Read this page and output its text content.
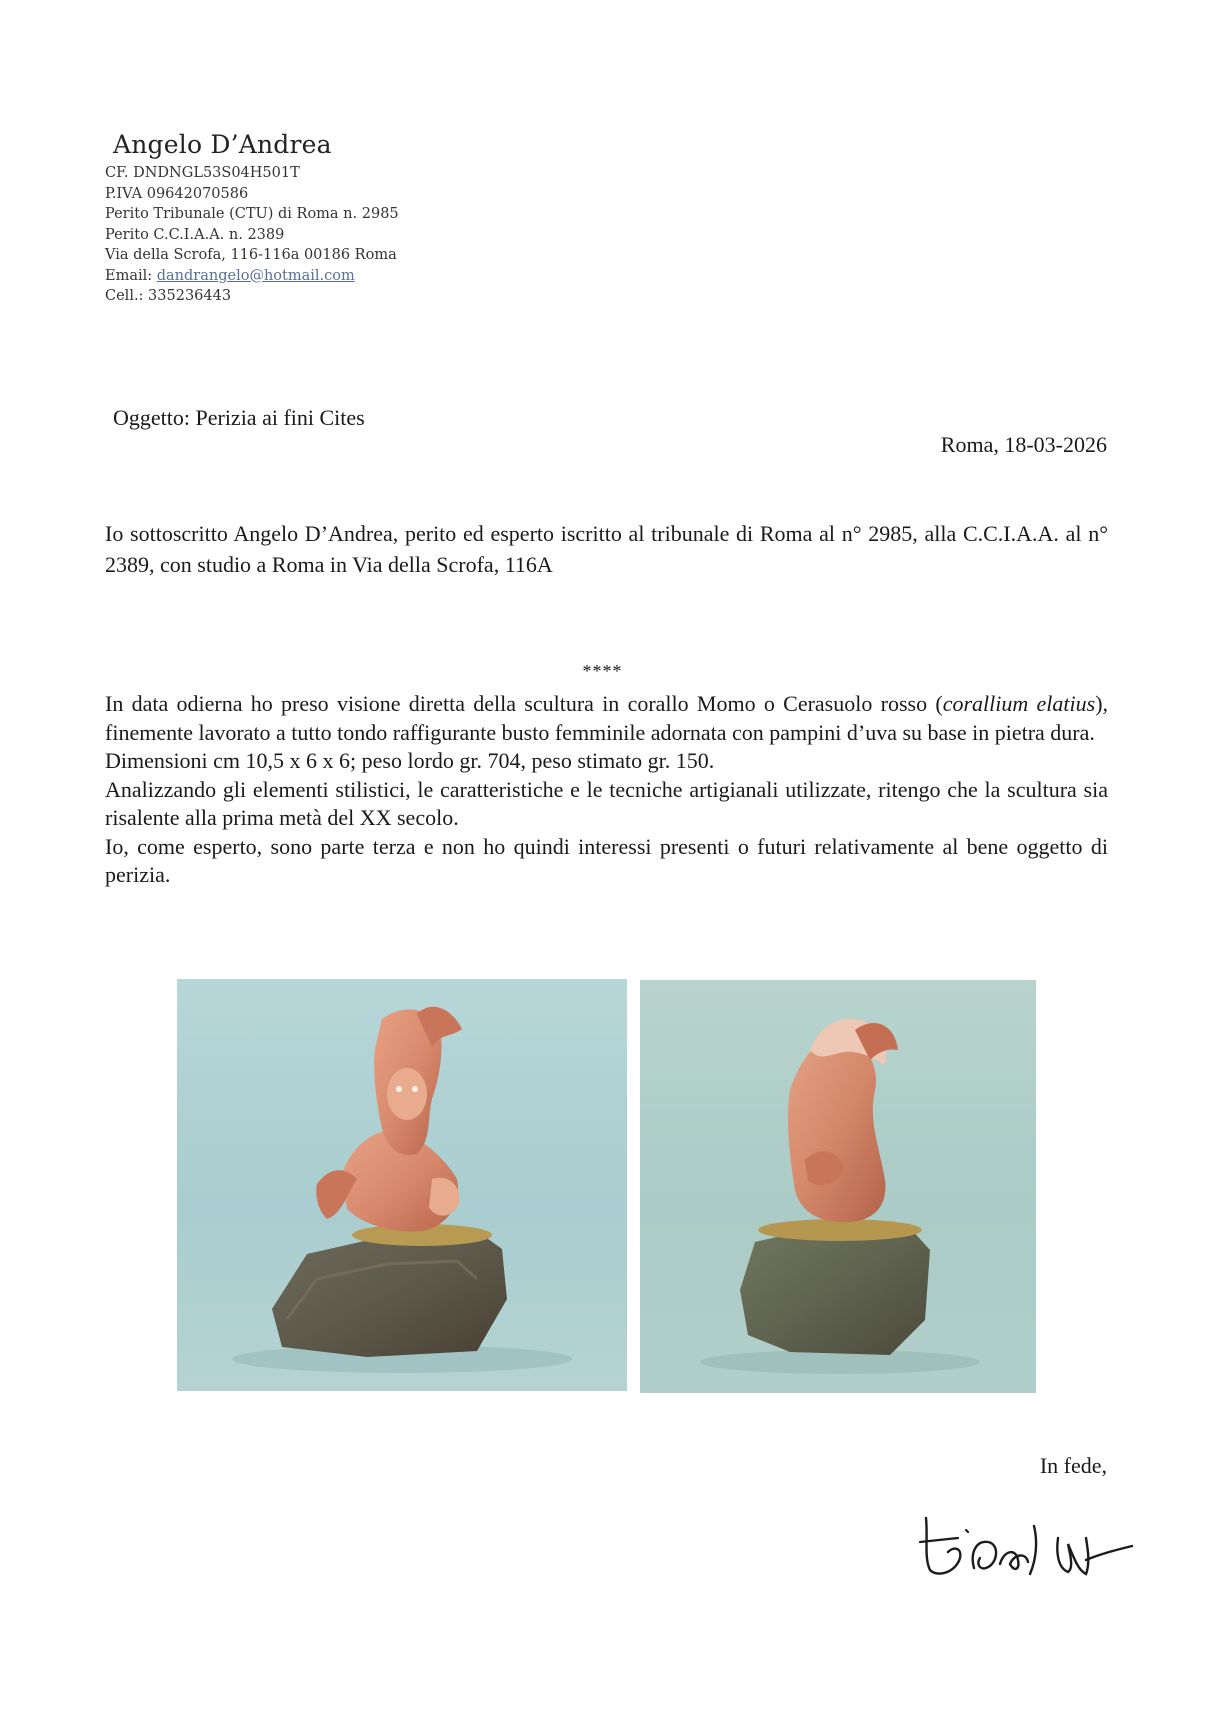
Angelo D’Andrea
CF. DNDNGL53S04H501T
P.IVA 09642070586
Perito Tribunale (CTU) di Roma n. 2985
Perito C.C.I.A.A. n. 2389
Via della Scrofa, 116-116a 00186 Roma
Email: dandrangelo@hotmail.com
Cell.: 335236443
Oggetto: Perizia ai fini Cites
Roma, 18-03-2026
Io sottoscritto Angelo D’Andrea, perito ed esperto iscritto al tribunale di Roma al n° 2985, alla C.C.I.A.A. al n° 2389, con studio a Roma in Via della Scrofa, 116A
****

In data odierna ho preso visione diretta della scultura in corallo Momo o Cerasuolo rosso (corallium elatius), finemente lavorato a tutto tondo raffigurante busto femminile adornata con pampini d’uva su base in pietra dura.

Dimensioni cm 10,5 x 6 x 6; peso lordo gr. 704, peso stimato gr. 150.

Analizzando gli elementi stilistici, le caratteristiche e le tecniche artigianali utilizzate, ritengo che la scultura sia risalente alla prima metà del XX secolo.

Io, come esperto, sono parte terza e non ho quindi interessi presenti o futuri relativamente al bene oggetto di perizia.

In fede,
